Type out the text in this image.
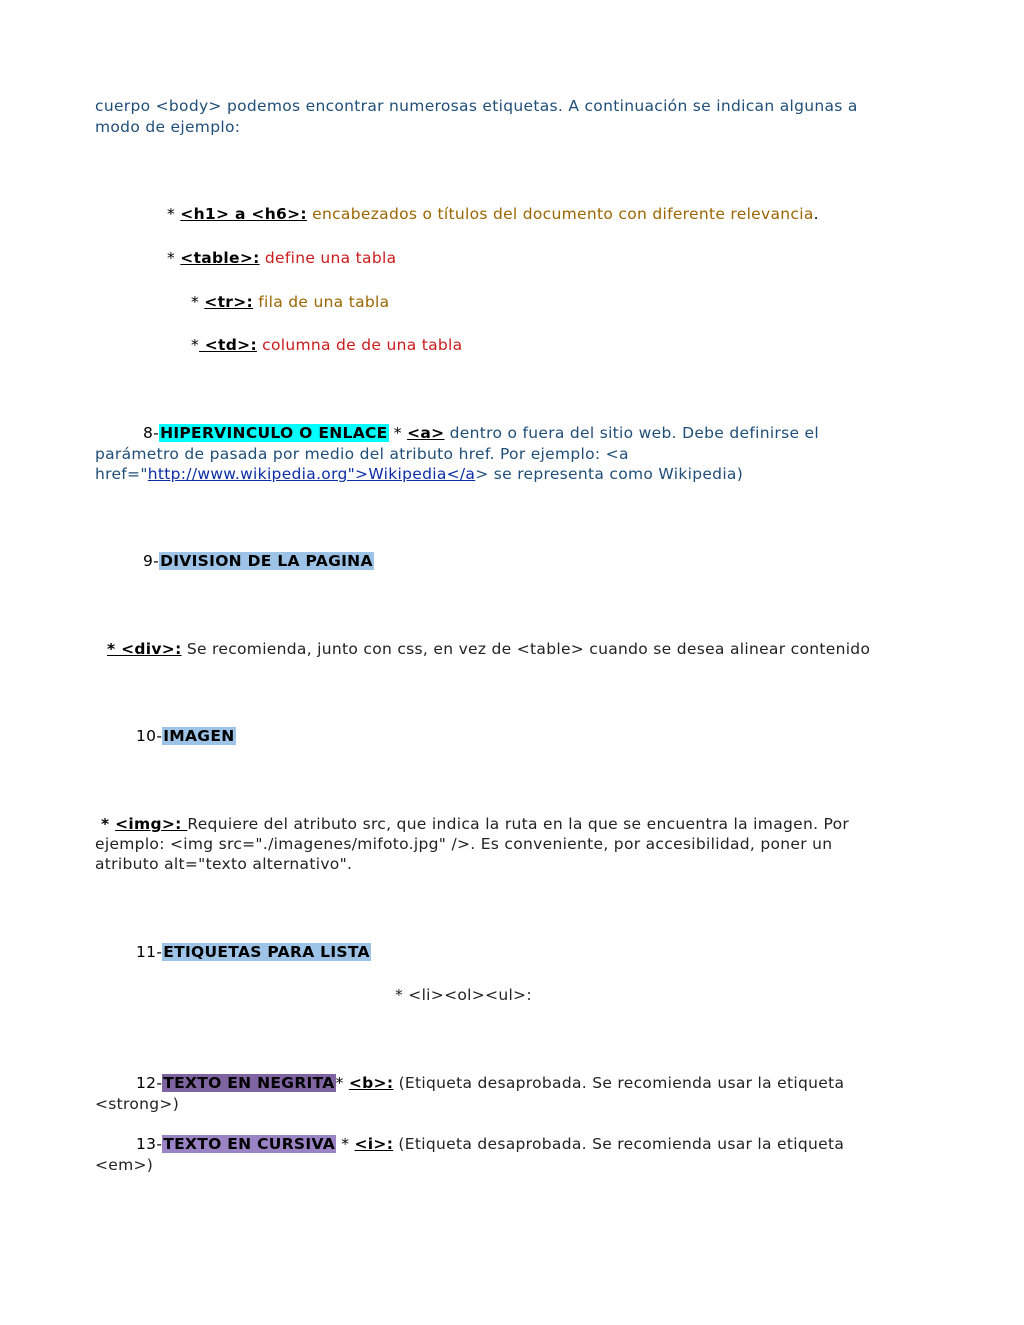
cuerpo <body> podemos encontrar numerosas etiquetas. A continuación se indican algunas a
modo de ejemplo:
* <h1> a <h6>: encabezados o títulos del documento con diferente relevancia.
* <table>: define una tabla
* <tr>: fila de una tabla
* <td>: columna de de una tabla
8-HIPERVINCULO O ENLACE * <a> dentro o fuera del sitio web. Debe definirse el
parámetro de pasada por medio del atributo href. Por ejemplo: <a
href="http://www.wikipedia.org">Wikipedia</a> se representa como Wikipedia)
9-DIVISION DE LA PAGINA
* <div>: Se recomienda, junto con css, en vez de <table> cuando se desea alinear contenido
10-IMAGEN
* <img>: Requiere del atributo src, que indica la ruta en la que se encuentra la imagen. Por
ejemplo: <img src="./imagenes/mifoto.jpg" />. Es conveniente, por accesibilidad, poner un
atributo alt="texto alternativo".
11-ETIQUETAS PARA LISTA
* <li><ol><ul>:
12-TEXTO EN NEGRITA* <b>: (Etiqueta desaprobada. Se recomienda usar la etiqueta
<strong>)
13-TEXTO EN CURSIVA * <i>: (Etiqueta desaprobada. Se recomienda usar la etiqueta
<em>)
